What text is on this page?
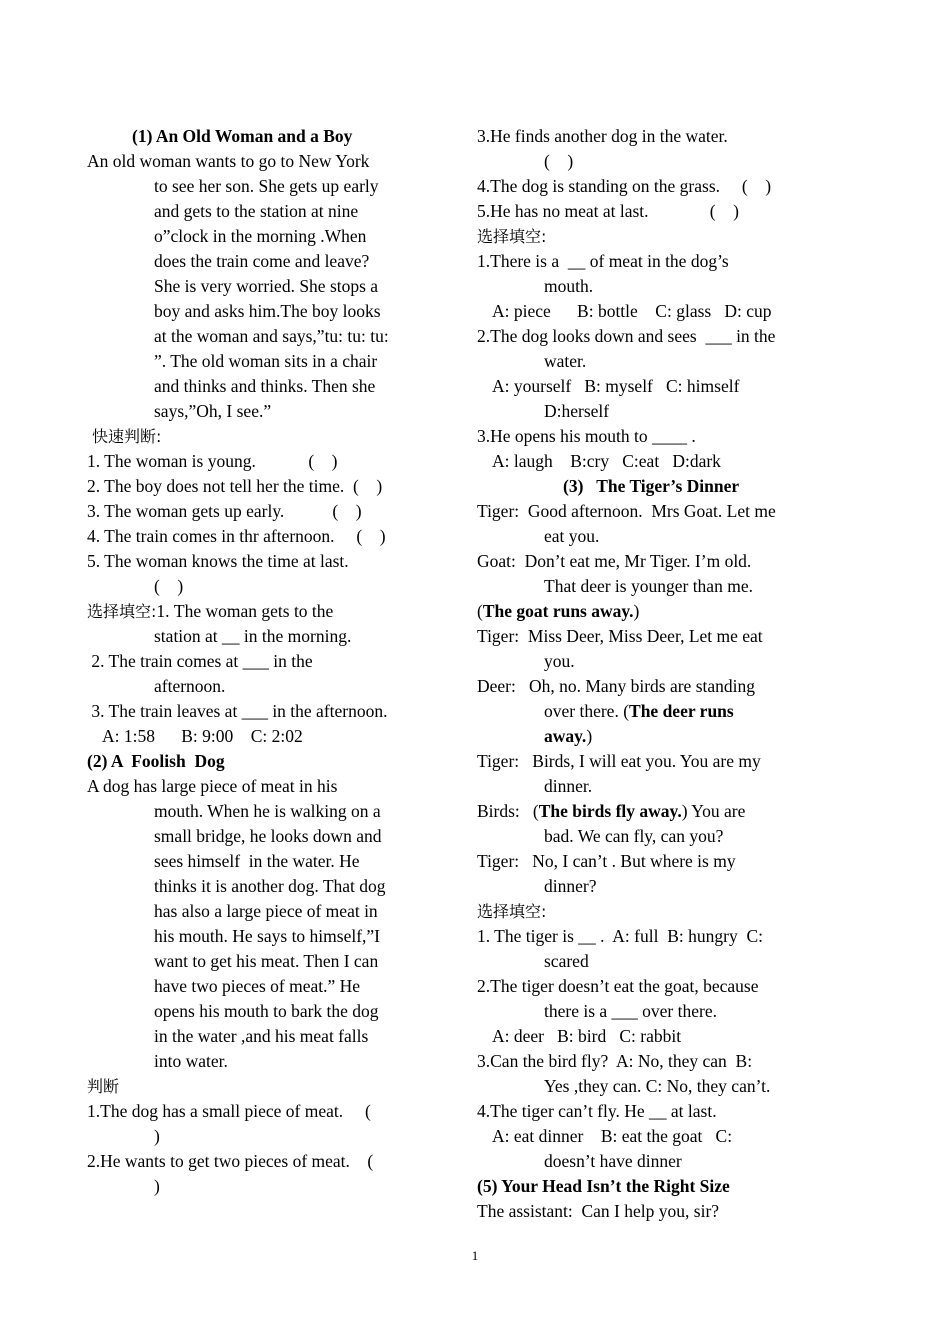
(1) An Old Woman and a Boy
An old woman wants to go to New York
to see her son. She gets up early
and gets to the station at nine
o”clock in the morning .When
does the train come and leave?
She is very worried. She stops a
boy and asks him.The boy looks
at the woman and says,”tu: tu: tu:
”. The old woman sits in a chair
and thinks and thinks. Then she
says,”Oh, I see.”
快速判断:
1. The woman is young.            (    )
2. The boy does not tell her the time.  (    )
3. The woman gets up early.           (    )
4. The train comes in thr afternoon.     (    )
5. The woman knows the time at last.
(    )
选择填空:1. The woman gets to the
station at __ in the morning.
2. The train comes at ___ in the
afternoon.
3. The train leaves at ___ in the afternoon.
A: 1:58      B: 9:00    C: 2:02
(2) A  Foolish  Dog
A dog has large piece of meat in his
mouth. When he is walking on a
small bridge, he looks down and
sees himself  in the water. He
thinks it is another dog. That dog
has also a large piece of meat in
his mouth. He says to himself,”I
want to get his meat. Then I can
have two pieces of meat.” He
opens his mouth to bark the dog
in the water ,and his meat falls
into water.
判断
1.The dog has a small piece of meat.     (
)
2.He wants to get two pieces of meat.    (
)
3.He finds another dog in the water.
(    )
4.The dog is standing on the grass.     (    )
5.He has no meat at last.              (    )
选择填空:
1.There is a  __ of meat in the dog’s
mouth.
A: piece      B: bottle    C: glass   D: cup
2.The dog looks down and sees  ___ in the
water.
A: yourself   B: myself   C: himself
D:herself
3.He opens his mouth to ____ .
A: laugh    B:cry   C:eat   D:dark
(3)   The Tiger’s Dinner
Tiger:  Good afternoon.  Mrs Goat. Let me
eat you.
Goat:  Don’t eat me, Mr Tiger. I’m old.
That deer is younger than me.
(The goat runs away.)
Tiger:  Miss Deer, Miss Deer, Let me eat
you.
Deer:   Oh, no. Many birds are standing
over there. (The deer runs
away.)
Tiger:   Birds, I will eat you. You are my
dinner.
Birds:   (The birds fly away.) You are
bad. We can fly, can you?
Tiger:   No, I can’t . But where is my
dinner?
选择填空:
1. The tiger is __ .  A: full  B: hungry  C:
scared
2.The tiger doesn’t eat the goat, because
there is a ___ over there.
A: deer   B: bird   C: rabbit
3.Can the bird fly?  A: No, they can  B:
Yes ,they can. C: No, they can’t.
4.The tiger can’t fly. He __ at last.
A: eat dinner    B: eat the goat   C:
doesn’t have dinner
(5) Your Head Isn’t the Right Size
The assistant:  Can I help you, sir?
1
